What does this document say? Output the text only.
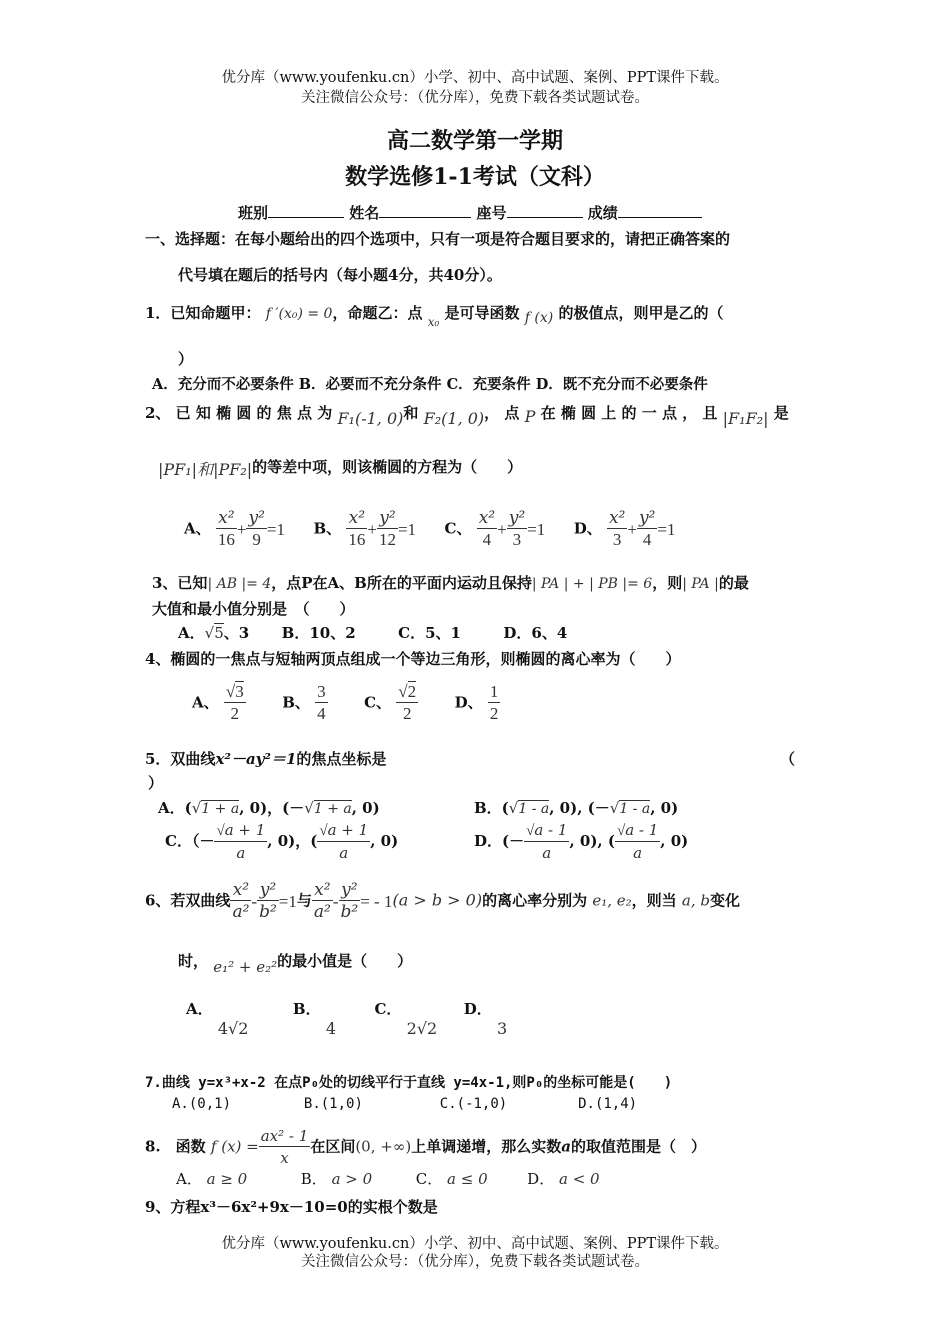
优分库（www.youfenku.cn）小学、初中、高中试题、案例、PPT课件下载。
关注微信公众号：（优分库），免费下载各类试题试卷。
高二数学第一学期
数学选修1-1考试（文科）
班别	姓名	座号	成绩
一、选择题：在每小题给出的四个选项中，只有一项是符合题目要求的，请把正确答案的
代号填在题后的括号内（每小题4分，共40分）。
1．已知命题甲： f ′(x₀) = 0，命题乙：点 $_{x_0}$ 是可导函数 f (x) 的极值点，则甲是乙的（
）
A．充分而不必要条件 B．必要而不充分条件 C．充要条件 D．既不充分而不必要条件
2、 已 知 椭 圆 的 焦 点 为 F₁(-1, 0)和 F₂(1, 0)， 点 P 在 椭 圆 上 的 一 点 ， 且 |F₁F₂| 是
|PF₁|和|PF₂|的等差中项，则该椭圆的方程为（　　）
A、 $\frac{\text{x²}}{16} + \frac{\text{y²}}{9} =1$ B、 $\frac{\text{x²}}{16} + \frac{\text{y²}}{12} =1$ C、 $\frac{\text{x²}}{4} + \frac{\text{y²}}{3} =1$ D、 $\frac{\text{x²}}{3} + \frac{\text{y²}}{4} =1$
3、已知| AB |= 4，点P在A、B所在的平面内运动且保持| PA | + | PB |= 6，则| PA |的最
大值和最小值分别是　（　　）
A．√5、3 B．10、2	C．5、1	D．6、4
4、椭圆的一焦点与短轴两顶点组成一个等边三角形，则椭圆的离心率为（　　）
A、 $\frac{√3}{2}$ B、 $\frac{3}{4}$ C、 $\frac{√2}{2}$ D、 $\frac{1}{2}$
5．双曲线x²－ay²＝1的焦点坐标是	（
）
A．(√1 + a, 0)，(－√1 + a, 0)	B．(√1 - a, 0), (－√1 - a, 0)
C．（－ $\frac{√a + 1}{a}$ , 0)，( $\frac{√a + 1}{a}$ , 0)	D．(－ $\frac{√a - 1}{a}$ , 0), ( $\frac{√a - 1}{a}$ , 0)
6、若双曲线 $\frac{\text{x²}}{\text{a²}} - \frac{\text{y²}}{\text{b²}} =1$与 $\frac{\text{x²}}{\text{a²}} - \frac{\text{y²}}{\text{b²}}$ = - 1(a > b > 0)的离心率分别为 e₁, e₂，则当 a, b变化
时， e₁² + e₂²的最小值是（　　）
A． 4√2  B． 4  C． 2√2  D． 3
7.曲线 y=x³+x-2 在点P₀处的切线平行于直线 y=4x-1,则P₀的坐标可能是(　　)
A.(0,1)	B.(1,0)	C.(-1,0)	D.(1,4)
8.　函数 f $(x) = \frac{\text{ax² - 1}}{x}$ 在区间(0, +∞)上单调递增，那么实数a的取值范围是（　）
A． a ≥ 0	B． a > 0	C． a ≤ 0	D． a < 0
9、方程x³－6x²+9x－10=0的实根个数是
优分库（www.youfenku.cn）小学、初中、高中试题、案例、PPT课件下载。
关注微信公众号：（优分库），免费下载各类试题试卷。
